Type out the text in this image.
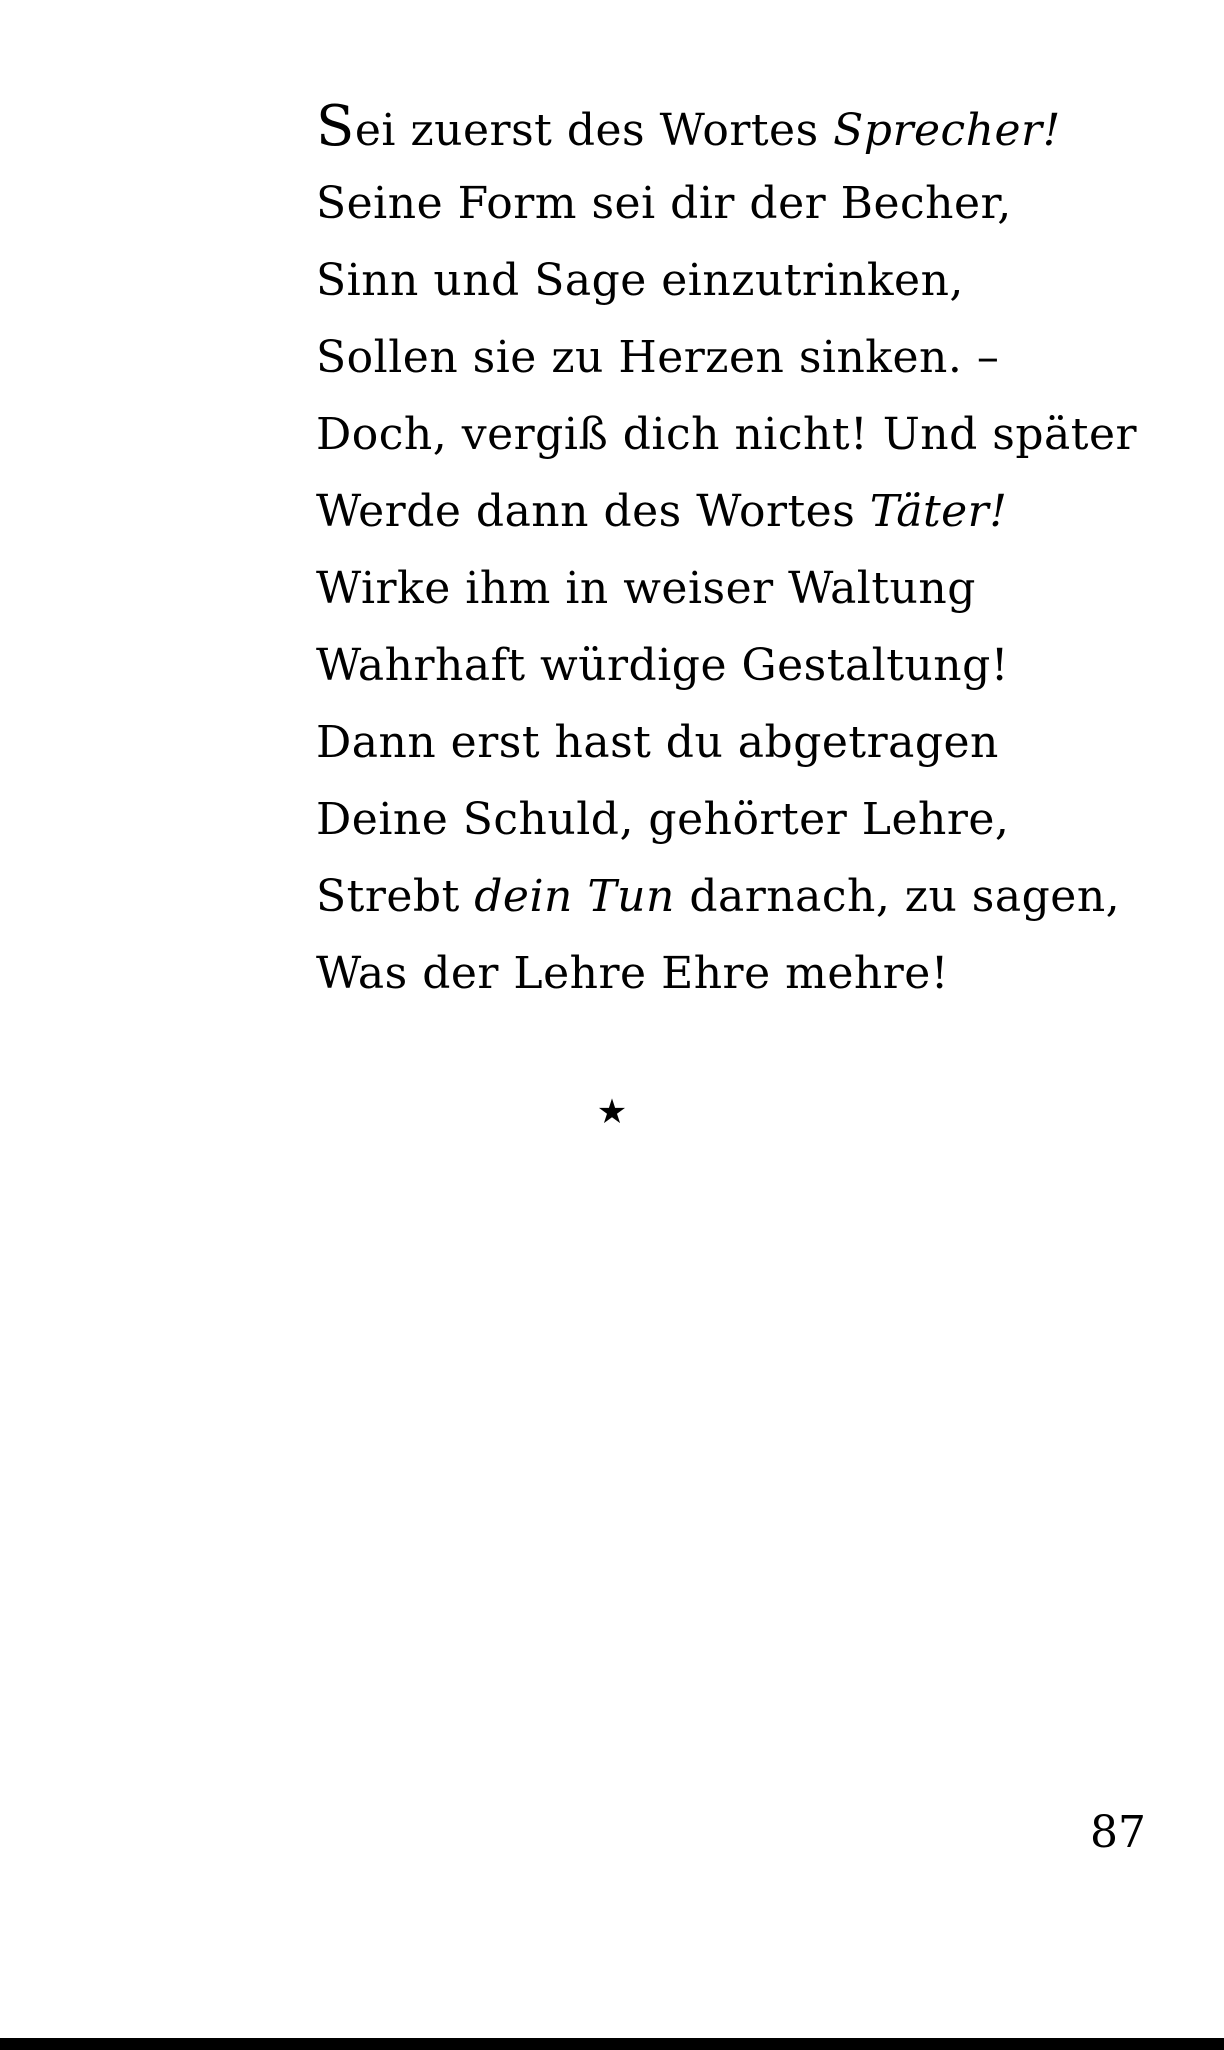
Sei zuerst des Wortes Sprecher!
Seine Form sei dir der Becher,
Sinn und Sage einzutrinken,
Sollen sie zu Herzen sinken. –
Doch, vergiß dich nicht! Und später
Werde dann des Wortes Täter!
Wirke ihm in weiser Waltung
Wahrhaft würdige Gestaltung!
Dann erst hast du abgetragen
Deine Schuld, gehörter Lehre,
Strebt dein Tun darnach, zu sagen,
Was der Lehre Ehre mehre!
★
87
